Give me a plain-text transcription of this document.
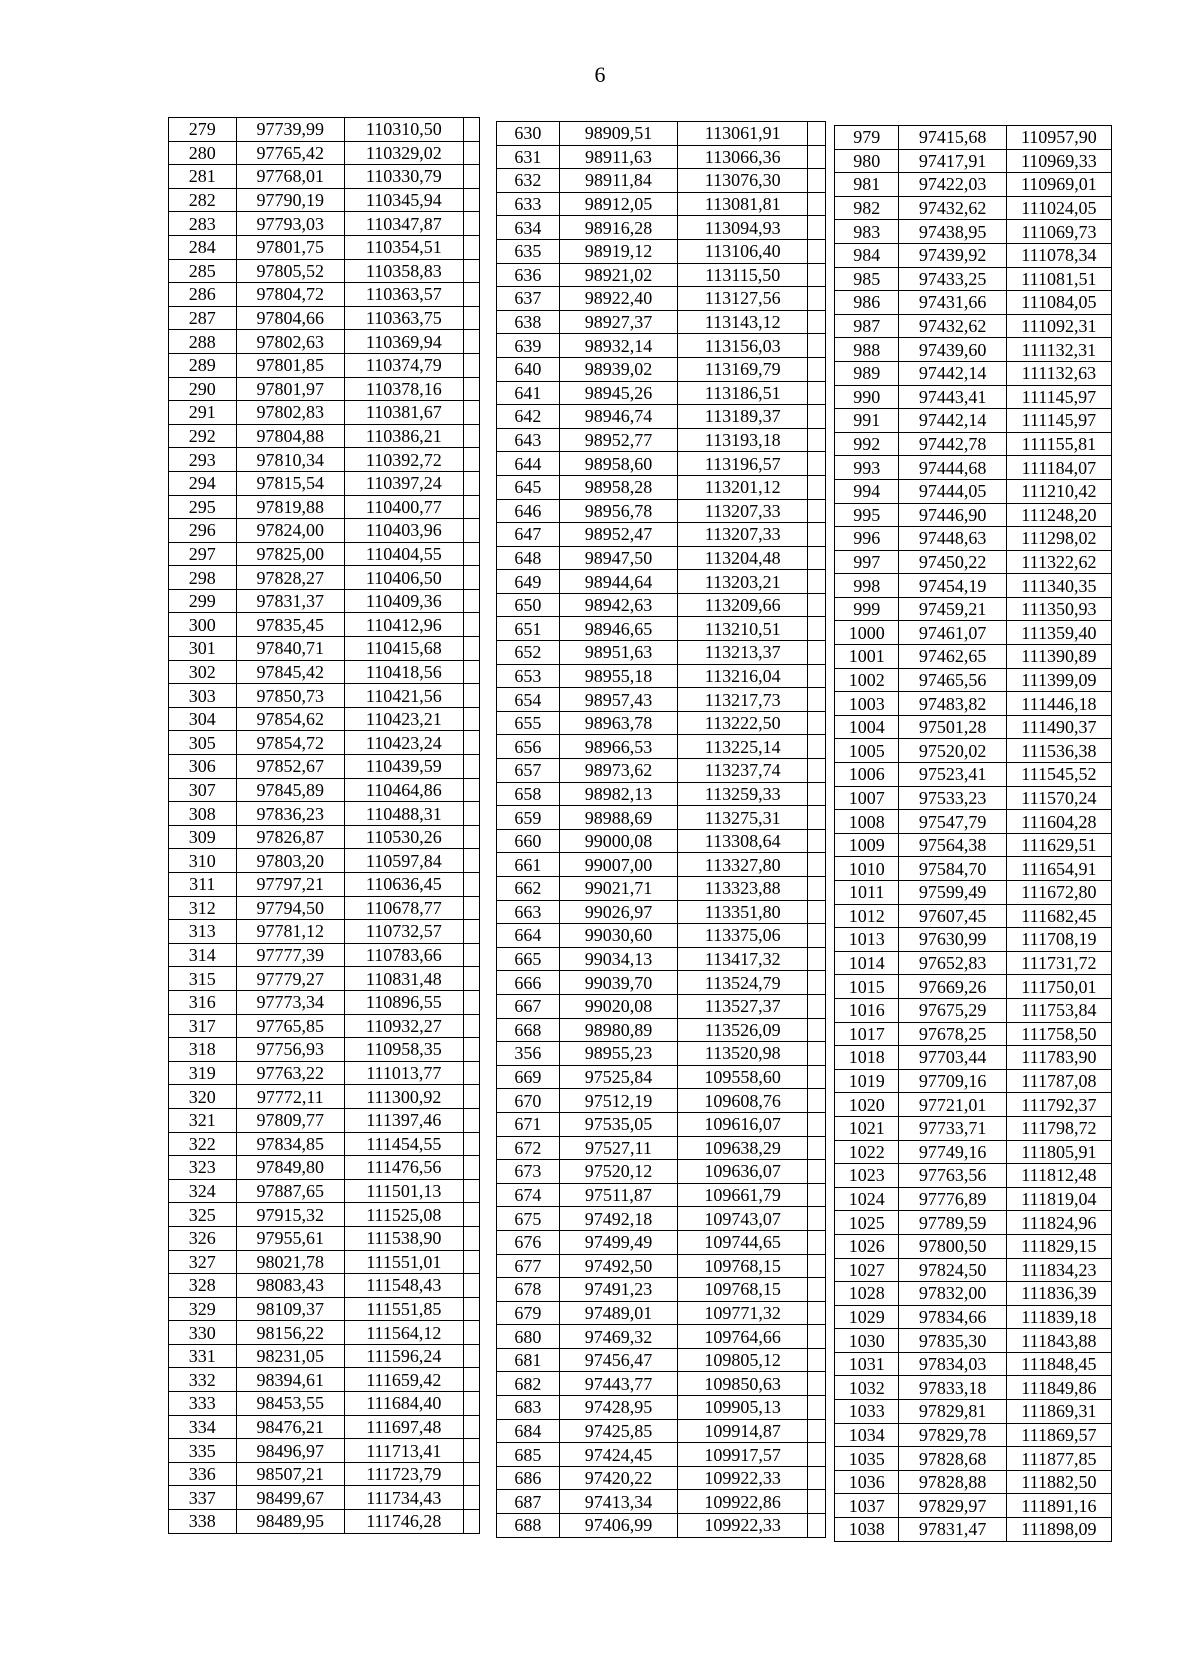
6
279	97739,99	110310,50	
280	97765,42	110329,02	
281	97768,01	110330,79	
282	97790,19	110345,94	
283	97793,03	110347,87	
284	97801,75	110354,51	
285	97805,52	110358,83	
286	97804,72	110363,57	
287	97804,66	110363,75	
288	97802,63	110369,94	
289	97801,85	110374,79	
290	97801,97	110378,16	
291	97802,83	110381,67	
292	97804,88	110386,21	
293	97810,34	110392,72	
294	97815,54	110397,24	
295	97819,88	110400,77	
296	97824,00	110403,96	
297	97825,00	110404,55	
298	97828,27	110406,50	
299	97831,37	110409,36	
300	97835,45	110412,96	
301	97840,71	110415,68	
302	97845,42	110418,56	
303	97850,73	110421,56	
304	97854,62	110423,21	
305	97854,72	110423,24	
306	97852,67	110439,59	
307	97845,89	110464,86	
308	97836,23	110488,31	
309	97826,87	110530,26	
310	97803,20	110597,84	
311	97797,21	110636,45	
312	97794,50	110678,77	
313	97781,12	110732,57	
314	97777,39	110783,66	
315	97779,27	110831,48	
316	97773,34	110896,55	
317	97765,85	110932,27	
318	97756,93	110958,35	
319	97763,22	111013,77	
320	97772,11	111300,92	
321	97809,77	111397,46	
322	97834,85	111454,55	
323	97849,80	111476,56	
324	97887,65	111501,13	
325	97915,32	111525,08	
326	97955,61	111538,90	
327	98021,78	111551,01	
328	98083,43	111548,43	
329	98109,37	111551,85	
330	98156,22	111564,12	
331	98231,05	111596,24	
332	98394,61	111659,42	
333	98453,55	111684,40	
334	98476,21	111697,48	
335	98496,97	111713,41	
336	98507,21	111723,79	
337	98499,67	111734,43	
338	98489,95	111746,28	
630	98909,51	113061,91	
631	98911,63	113066,36	
632	98911,84	113076,30	
633	98912,05	113081,81	
634	98916,28	113094,93	
635	98919,12	113106,40	
636	98921,02	113115,50	
637	98922,40	113127,56	
638	98927,37	113143,12	
639	98932,14	113156,03	
640	98939,02	113169,79	
641	98945,26	113186,51	
642	98946,74	113189,37	
643	98952,77	113193,18	
644	98958,60	113196,57	
645	98958,28	113201,12	
646	98956,78	113207,33	
647	98952,47	113207,33	
648	98947,50	113204,48	
649	98944,64	113203,21	
650	98942,63	113209,66	
651	98946,65	113210,51	
652	98951,63	113213,37	
653	98955,18	113216,04	
654	98957,43	113217,73	
655	98963,78	113222,50	
656	98966,53	113225,14	
657	98973,62	113237,74	
658	98982,13	113259,33	
659	98988,69	113275,31	
660	99000,08	113308,64	
661	99007,00	113327,80	
662	99021,71	113323,88	
663	99026,97	113351,80	
664	99030,60	113375,06	
665	99034,13	113417,32	
666	99039,70	113524,79	
667	99020,08	113527,37	
668	98980,89	113526,09	
356	98955,23	113520,98	
669	97525,84	109558,60	
670	97512,19	109608,76	
671	97535,05	109616,07	
672	97527,11	109638,29	
673	97520,12	109636,07	
674	97511,87	109661,79	
675	97492,18	109743,07	
676	97499,49	109744,65	
677	97492,50	109768,15	
678	97491,23	109768,15	
679	97489,01	109771,32	
680	97469,32	109764,66	
681	97456,47	109805,12	
682	97443,77	109850,63	
683	97428,95	109905,13	
684	97425,85	109914,87	
685	97424,45	109917,57	
686	97420,22	109922,33	
687	97413,34	109922,86	
688	97406,99	109922,33	
979	97415,68	110957,90
980	97417,91	110969,33
981	97422,03	110969,01
982	97432,62	111024,05
983	97438,95	111069,73
984	97439,92	111078,34
985	97433,25	111081,51
986	97431,66	111084,05
987	97432,62	111092,31
988	97439,60	111132,31
989	97442,14	111132,63
990	97443,41	111145,97
991	97442,14	111145,97
992	97442,78	111155,81
993	97444,68	111184,07
994	97444,05	111210,42
995	97446,90	111248,20
996	97448,63	111298,02
997	97450,22	111322,62
998	97454,19	111340,35
999	97459,21	111350,93
1000	97461,07	111359,40
1001	97462,65	111390,89
1002	97465,56	111399,09
1003	97483,82	111446,18
1004	97501,28	111490,37
1005	97520,02	111536,38
1006	97523,41	111545,52
1007	97533,23	111570,24
1008	97547,79	111604,28
1009	97564,38	111629,51
1010	97584,70	111654,91
1011	97599,49	111672,80
1012	97607,45	111682,45
1013	97630,99	111708,19
1014	97652,83	111731,72
1015	97669,26	111750,01
1016	97675,29	111753,84
1017	97678,25	111758,50
1018	97703,44	111783,90
1019	97709,16	111787,08
1020	97721,01	111792,37
1021	97733,71	111798,72
1022	97749,16	111805,91
1023	97763,56	111812,48
1024	97776,89	111819,04
1025	97789,59	111824,96
1026	97800,50	111829,15
1027	97824,50	111834,23
1028	97832,00	111836,39
1029	97834,66	111839,18
1030	97835,30	111843,88
1031	97834,03	111848,45
1032	97833,18	111849,86
1033	97829,81	111869,31
1034	97829,78	111869,57
1035	97828,68	111877,85
1036	97828,88	111882,50
1037	97829,97	111891,16
1038	97831,47	111898,09
